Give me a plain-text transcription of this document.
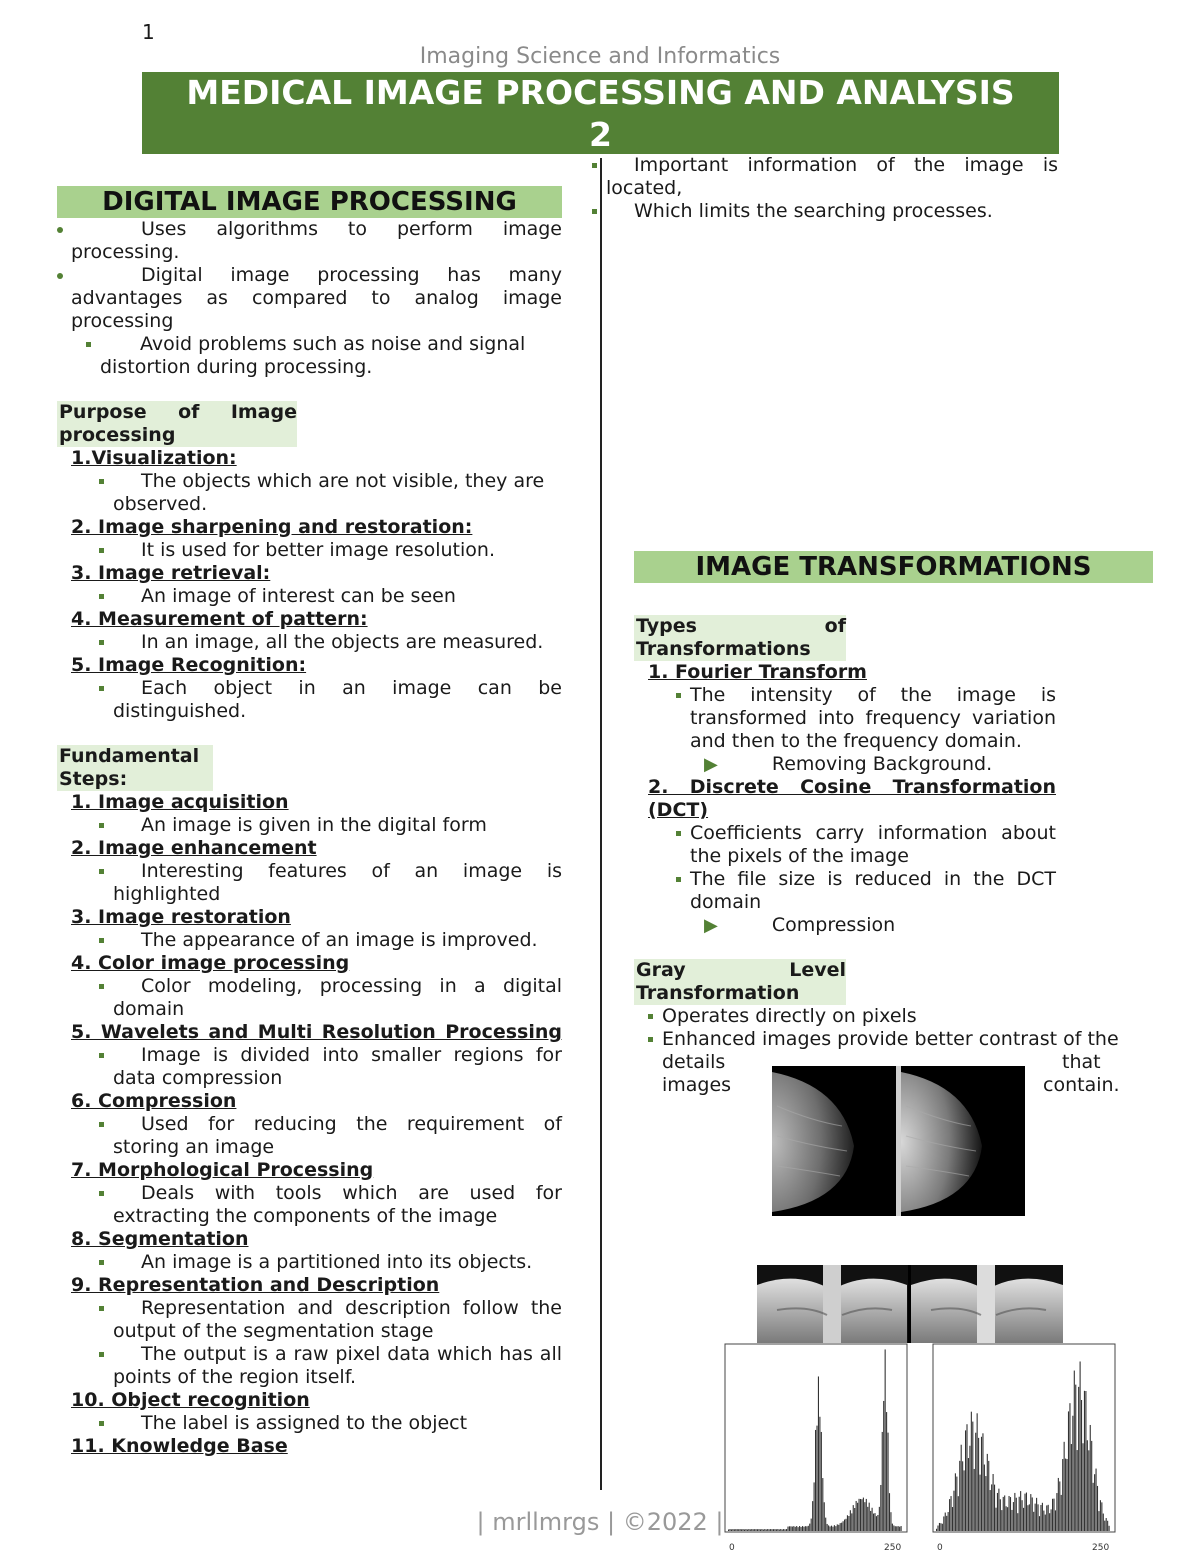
1
Imaging Science and Informatics
MEDICAL IMAGE PROCESSING AND ANALYSIS
2
DIGITAL IMAGE PROCESSING
Uses algorithms to perform image processing.
Digital image processing has many advantages as compared to analog image processing
Avoid problems such as noise and signal distortion during processing.
Purpose of Image
processing
1.Visualization:
The objects which are not visible, they are observed.
2. Image sharpening and restoration:
It is used for better image resolution.
3. Image retrieval:
An image of interest can be seen
4. Measurement of pattern:
In an image, all the objects are measured.
5. Image Recognition:
Each object in an image can be distinguished.
Fundamental
Steps:
1. Image acquisition
An image is given in the digital form
2. Image enhancement
Interesting features of an image is highlighted
3. Image restoration
The appearance of an image is improved.
4. Color image processing
Color modeling, processing in a digital domain
5. Wavelets and Multi Resolution Processing
Image is divided into smaller regions for data compression
6. Compression
Used for reducing the requirement of storing an image
7. Morphological Processing
Deals with tools which are used for extracting the components of the image
8. Segmentation
An image is a partitioned into its objects.
9. Representation and Description
Representation and description follow the output of the segmentation stage
The output is a raw pixel data which has all points of the region itself.
10. Object recognition
The label is assigned to the object
11. Knowledge Base
Important information of the image is located,
Which limits the searching processes.
IMAGE TRANSFORMATIONS
Types of
Transformations
1. Fourier Transform
The intensity of the image is transformed into frequency variation and then to the frequency domain.
▶	Removing Background.
2. Discrete Cosine Transformation
(DCT)
Coefficients carry information about the pixels of the image
The file size is reduced in the DCT domain
▶	Compression
Gray Level
Transformation
Operates directly on pixels
Enhanced images provide better contrast of the
details
images
that
contain.
0	250	0	250
| mrllmrgs | ©2022 |
